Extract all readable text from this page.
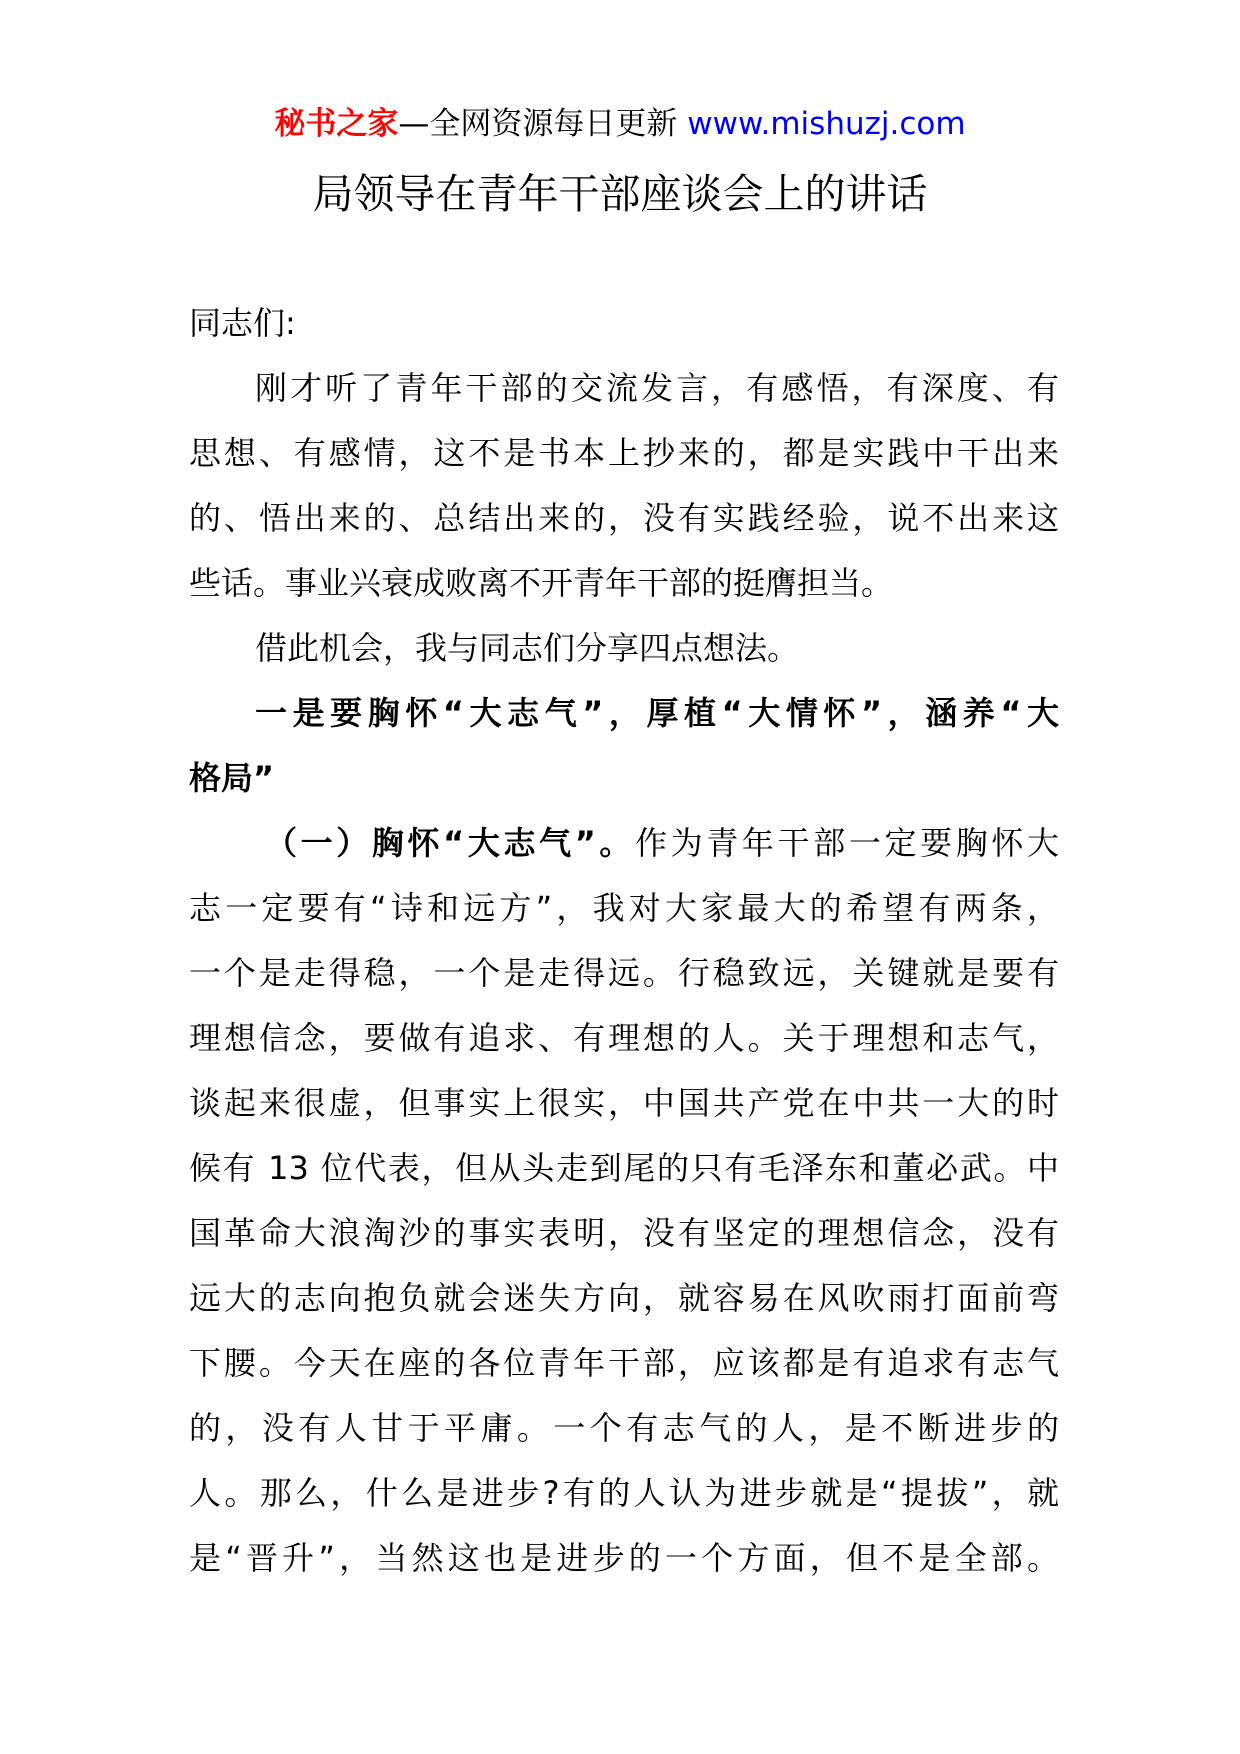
秘书之家—全网资源每日更新 www.mishuzj.com
局领导在青年干部座谈会上的讲话
同志们:
刚才听了青年干部的交流发言，有感悟，有深度、有
思想、有感情，这不是书本上抄来的，都是实践中干出来
的、悟出来的、总结出来的，没有实践经验，说不出来这
些话。事业兴衰成败离不开青年干部的挺膺担当。
借此机会，我与同志们分享四点想法。
一是要胸怀“大志气”，厚植“大情怀”，涵养“大
格局”
（一）胸怀“大志气”。作为青年干部一定要胸怀大
志一定要有“诗和远方”，我对大家最大的希望有两条，
一个是走得稳，一个是走得远。行稳致远，关键就是要有
理想信念，要做有追求、有理想的人。关于理想和志气，
谈起来很虚，但事实上很实，中国共产党在中共一大的时
候有 13 位代表，但从头走到尾的只有毛泽东和董必武。中
国革命大浪淘沙的事实表明，没有坚定的理想信念，没有
远大的志向抱负就会迷失方向，就容易在风吹雨打面前弯
下腰。今天在座的各位青年干部，应该都是有追求有志气
的，没有人甘于平庸。一个有志气的人，是不断进步的
人。那么，什么是进步?有的人认为进步就是“提拔”，就
是“晋升”，当然这也是进步的一个方面，但不是全部。
